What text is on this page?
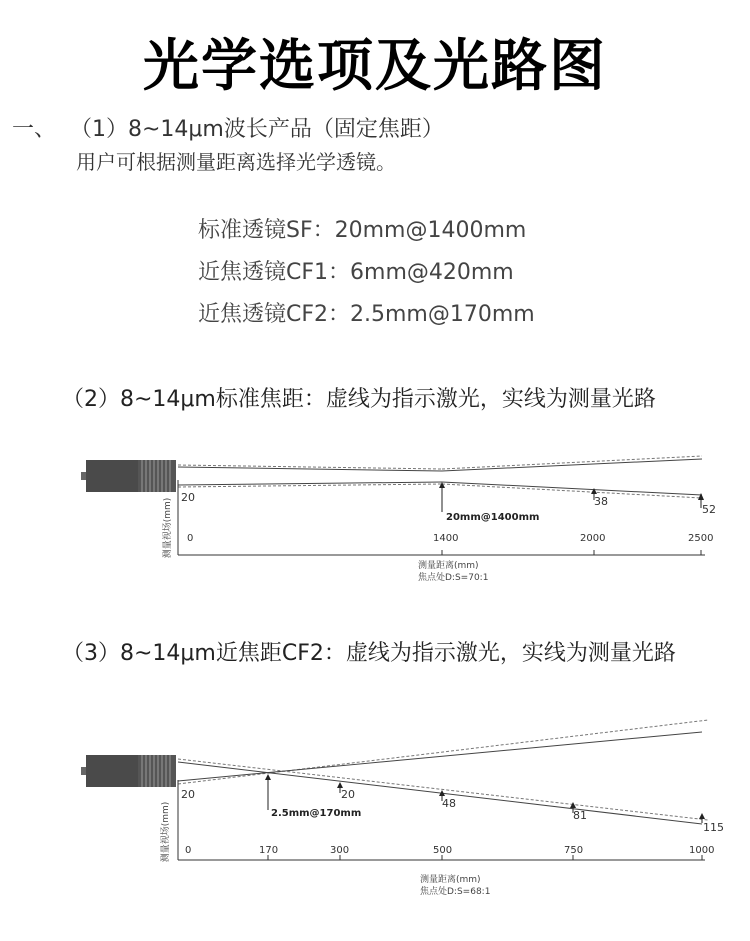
光学选项及光路图
一、 （1）8~14μm波长产品（固定焦距）
用户可根据测量距离选择光学透镜。
标准透镜SF：20mm@1400mm
近焦透镜CF1：6mm@420mm
近焦透镜CF2：2.5mm@170mm
（2）8~14μm标准焦距：虚线为指示激光，实线为测量光路
20	38
52
20mm@1400mm
0	1400	2000	2500
测量视场(mm)
测量距离(mm)
焦点处D:S=70:1
（3）8~14μm近焦距CF2：虚线为指示激光，实线为测量光路
20	20
48
81
115
2.5mm@170mm
0	170	300	500	750	1000
测量视场(mm)
测量距离(mm)
焦点处D:S=68:1
